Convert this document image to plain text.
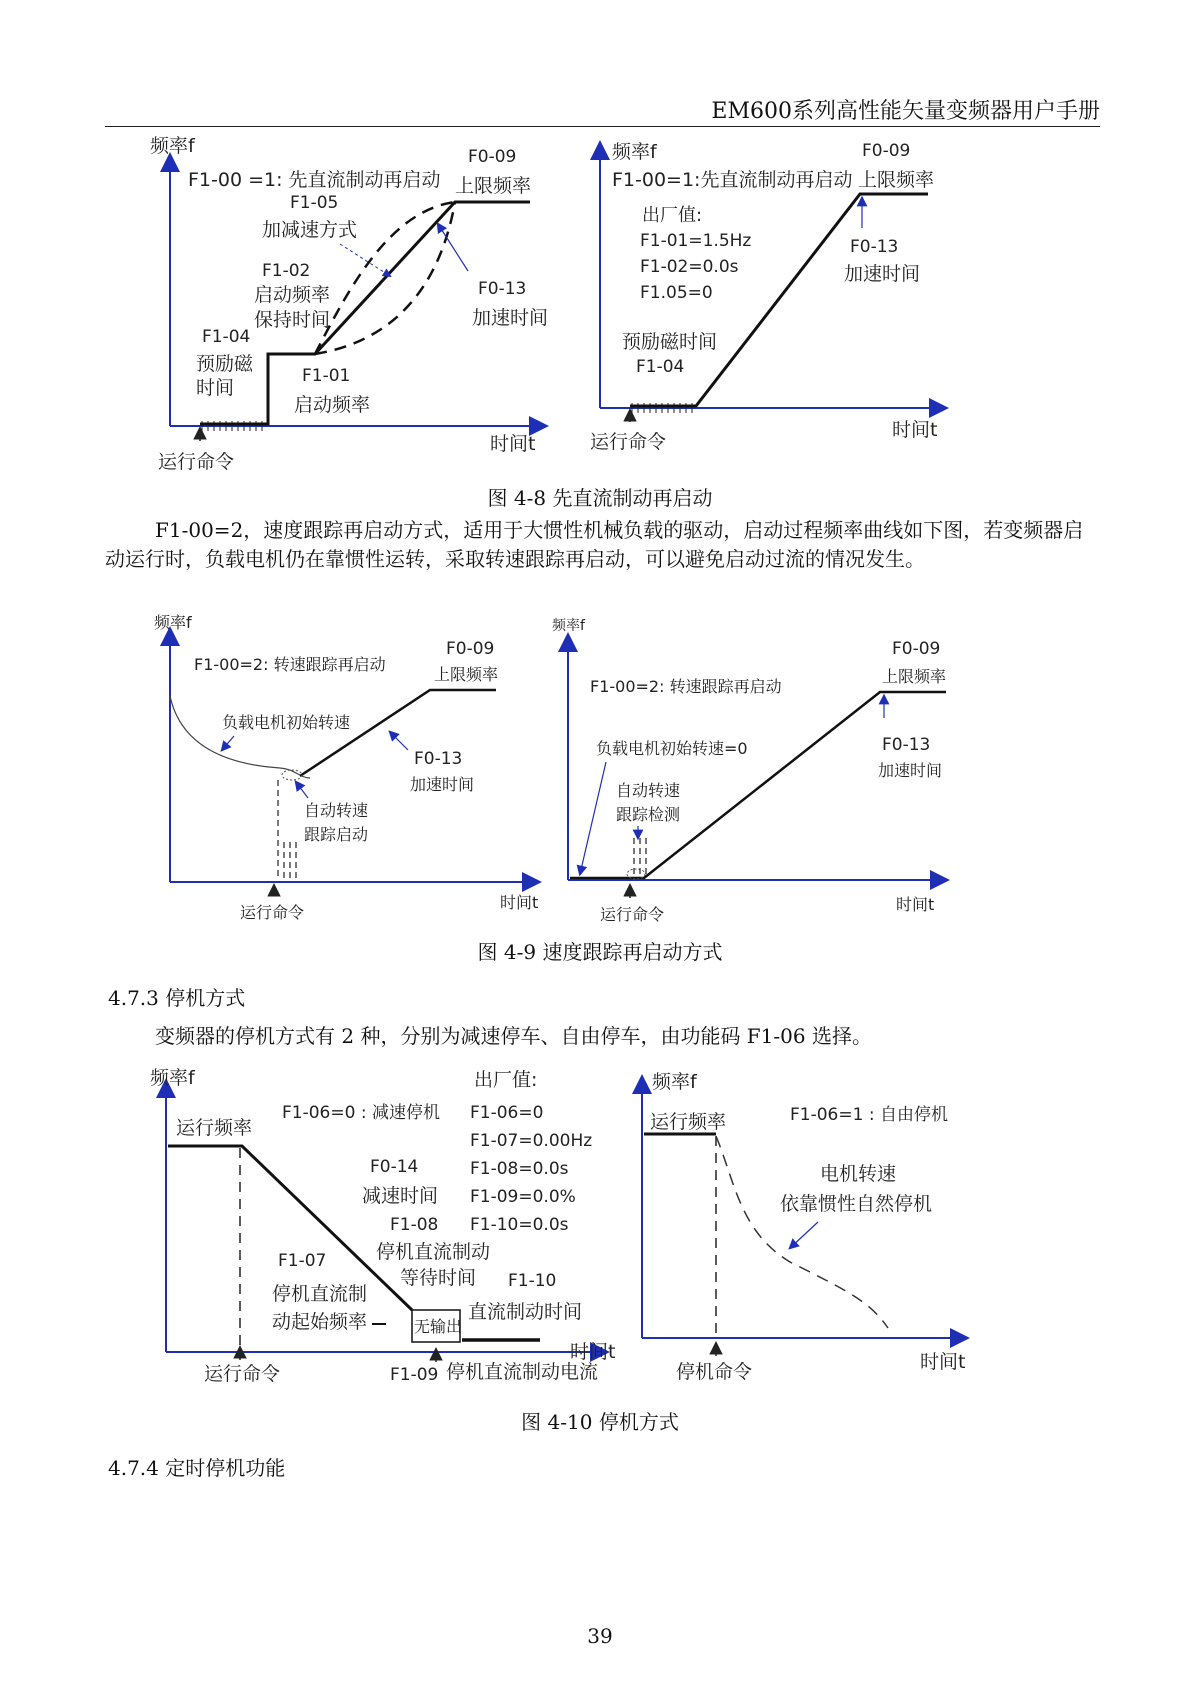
EM600系列高性能矢量变频器用户手册
频率f
时间t
F1-00 =1: 先直流制动再启动
F0-09
上限频率
F1-05
加减速方式
F1-02
启动频率
保持时间
F1-04
预励磁
时间
F1-01
启动频率
F0-13
加速时间
运行命令
频率f
时间t
F1-00=1:先直流制动再启动
F0-09
上限频率
出厂值:
F1-01=1.5Hz
F1-02=0.0s
F1.05=0
F0-13
加速时间
预励磁时间
F1-04
运行命令
图 4-8 先直流制动再启动
F1-00=2，速度跟踪再启动方式，适用于大惯性机械负载的驱动，启动过程频率曲线如下图，若变频器启动运行时，负载电机仍在靠惯性运转，采取转速跟踪再启动，可以避免启动过流的情况发生。
频率f
时间t
F1-00=2: 转速跟踪再启动
F0-09
上限频率
负载电机初始转速
F0-13
加速时间
自动转速
跟踪启动
运行命令
频率f
时间t
F1-00=2: 转速跟踪再启动
F0-09
上限频率
负载电机初始转速=0	F0-13
加速时间
自动转速
跟踪检测
运行命令
图 4-9 速度跟踪再启动方式
4.7.3 停机方式
变频器的停机方式有 2 种，分别为减速停车、自由停车，由功能码 F1-06 选择。
频率f
时间t
运行频率
F1-06=0 : 减速停机
出厂值:
F1-06=0
F1-07=0.00Hz
F1-08=0.0s
F1-09=0.0%
F1-10=0.0s
F0-14
减速时间
F1-08
停机直流制动
等待时间
F1-07
停机直流制
动起始频率
F1-10
直流制动时间
无输出
F1-09 停机直流制动电流
运行命令
频率f
时间t
运行频率	F1-06=1 : 自由停机
电机转速
依靠惯性自然停机
停机命令
图 4-10 停机方式
4.7.4 定时停机功能
39
